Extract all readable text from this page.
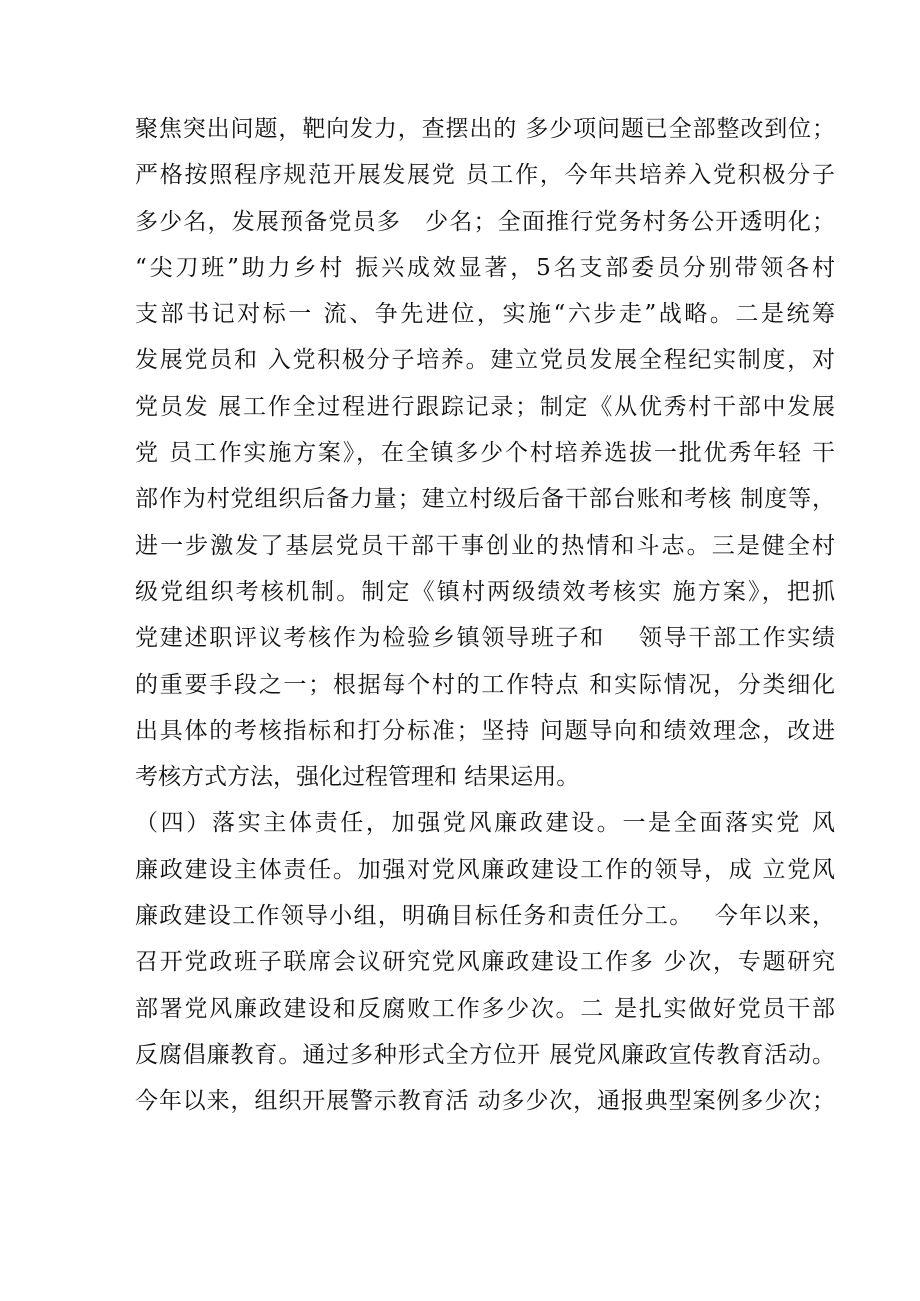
聚焦突出问题，靶向发力，查摆出的 多少项问题已全部整改到位；
严格按照程序规范开展发展党 员工作，今年共培养入党积极分子
多少名，发展预备党员多　少名；全面推行党务村务公开透明化；
“尖刀班”助力乡村 振兴成效显著，5名支部委员分别带领各村
支部书记对标一 流、争先进位，实施“六步走”战略。二是统筹
发展党员和 入党积极分子培养。建立党员发展全程纪实制度，对
党员发 展工作全过程进行跟踪记录；制定《从优秀村干部中发展
党 员工作实施方案》，在全镇多少个村培养选拔一批优秀年轻 干
部作为村党组织后备力量；建立村级后备干部台账和考核 制度等，
进一步激发了基层党员干部干事创业的热情和斗志。三是健全村
级党组织考核机制。制定《镇村两级绩效考核实 施方案》，把抓
党建述职评议考核作为检验乡镇领导班子和　 领导干部工作实绩
的重要手段之一；根据每个村的工作特点 和实际情况，分类细化
出具体的考核指标和打分标准；坚持 问题导向和绩效理念，改进
考核方式方法，强化过程管理和 结果运用。
（四）落实主体责任，加强党风廉政建设。一是全面落实党 风
廉政建设主体责任。加强对党风廉政建设工作的领导，成 立党风
廉政建设工作领导小组，明确目标任务和责任分工。　 今年以来，
召开党政班子联席会议研究党风廉政建设工作多 少次，专题研究
部署党风廉政建设和反腐败工作多少次。二 是扎实做好党员干部
反腐倡廉教育。通过多种形式全方位开 展党风廉政宣传教育活动。
今年以来，组织开展警示教育活 动多少次，通报典型案例多少次；
